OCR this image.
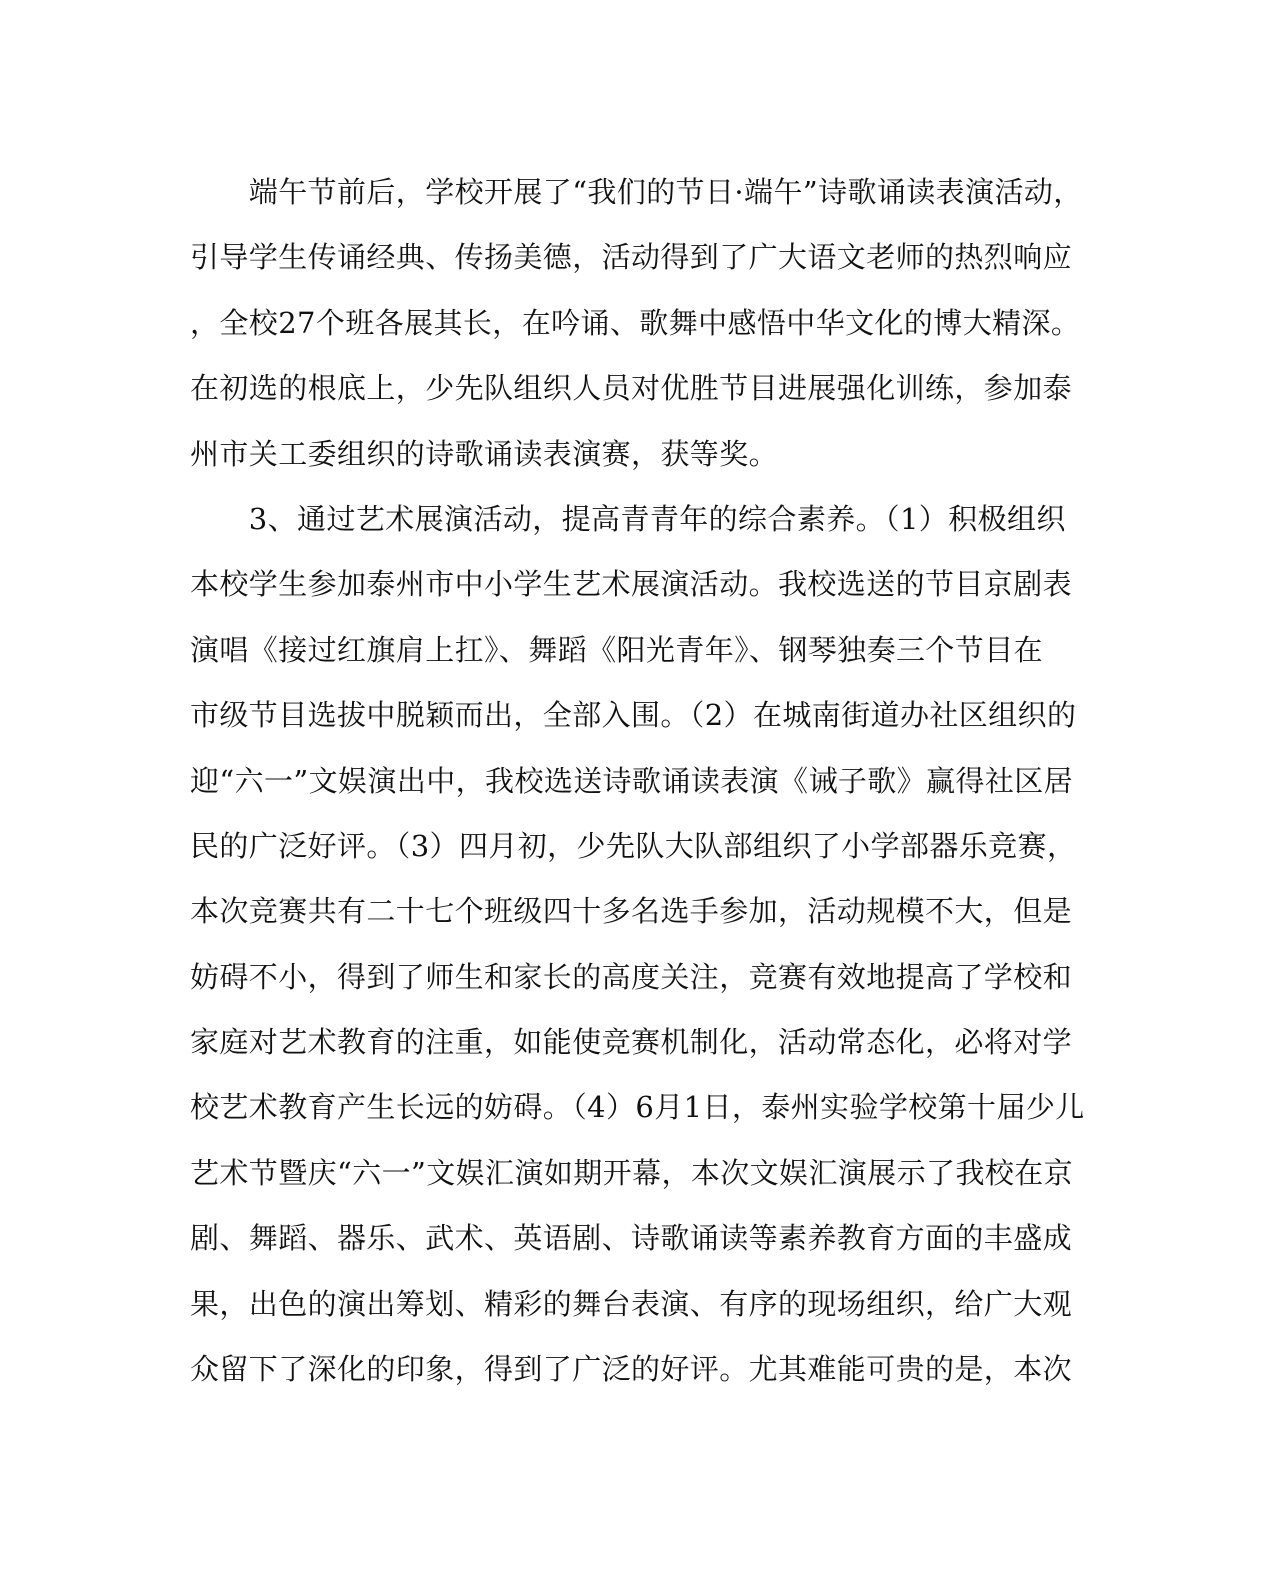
　　端午节前后，学校开展了“我们的节日·端午”诗歌诵读表演活动，
引导学生传诵经典、传扬美德，活动得到了广大语文老师的热烈响应
，全校27个班各展其长，在吟诵、歌舞中感悟中华文化的博大精深。
在初选的根底上，少先队组织人员对优胜节目进展强化训练，参加泰
州市关工委组织的诗歌诵读表演赛，获等奖。
　　3、通过艺术展演活动，提高青青年的综合素养。（1）积极组织
本校学生参加泰州市中小学生艺术展演活动。我校选送的节目京剧表
演唱《接过红旗肩上扛》、舞蹈《阳光青年》、钢琴独奏三个节目在
市级节目选拔中脱颖而出，全部入围。（2）在城南街道办社区组织的
迎“六一”文娱演出中，我校选送诗歌诵读表演《诫子歌》赢得社区居
民的广泛好评。（3）四月初，少先队大队部组织了小学部器乐竞赛，
本次竞赛共有二十七个班级四十多名选手参加，活动规模不大，但是
妨碍不小，得到了师生和家长的高度关注，竞赛有效地提高了学校和
家庭对艺术教育的注重，如能使竞赛机制化，活动常态化，必将对学
校艺术教育产生长远的妨碍。（4）6月1日，泰州实验学校第十届少儿
艺术节暨庆“六一”文娱汇演如期开幕，本次文娱汇演展示了我校在京
剧、舞蹈、器乐、武术、英语剧、诗歌诵读等素养教育方面的丰盛成
果，出色的演出筹划、精彩的舞台表演、有序的现场组织，给广大观
众留下了深化的印象，得到了广泛的好评。尤其难能可贵的是，本次
